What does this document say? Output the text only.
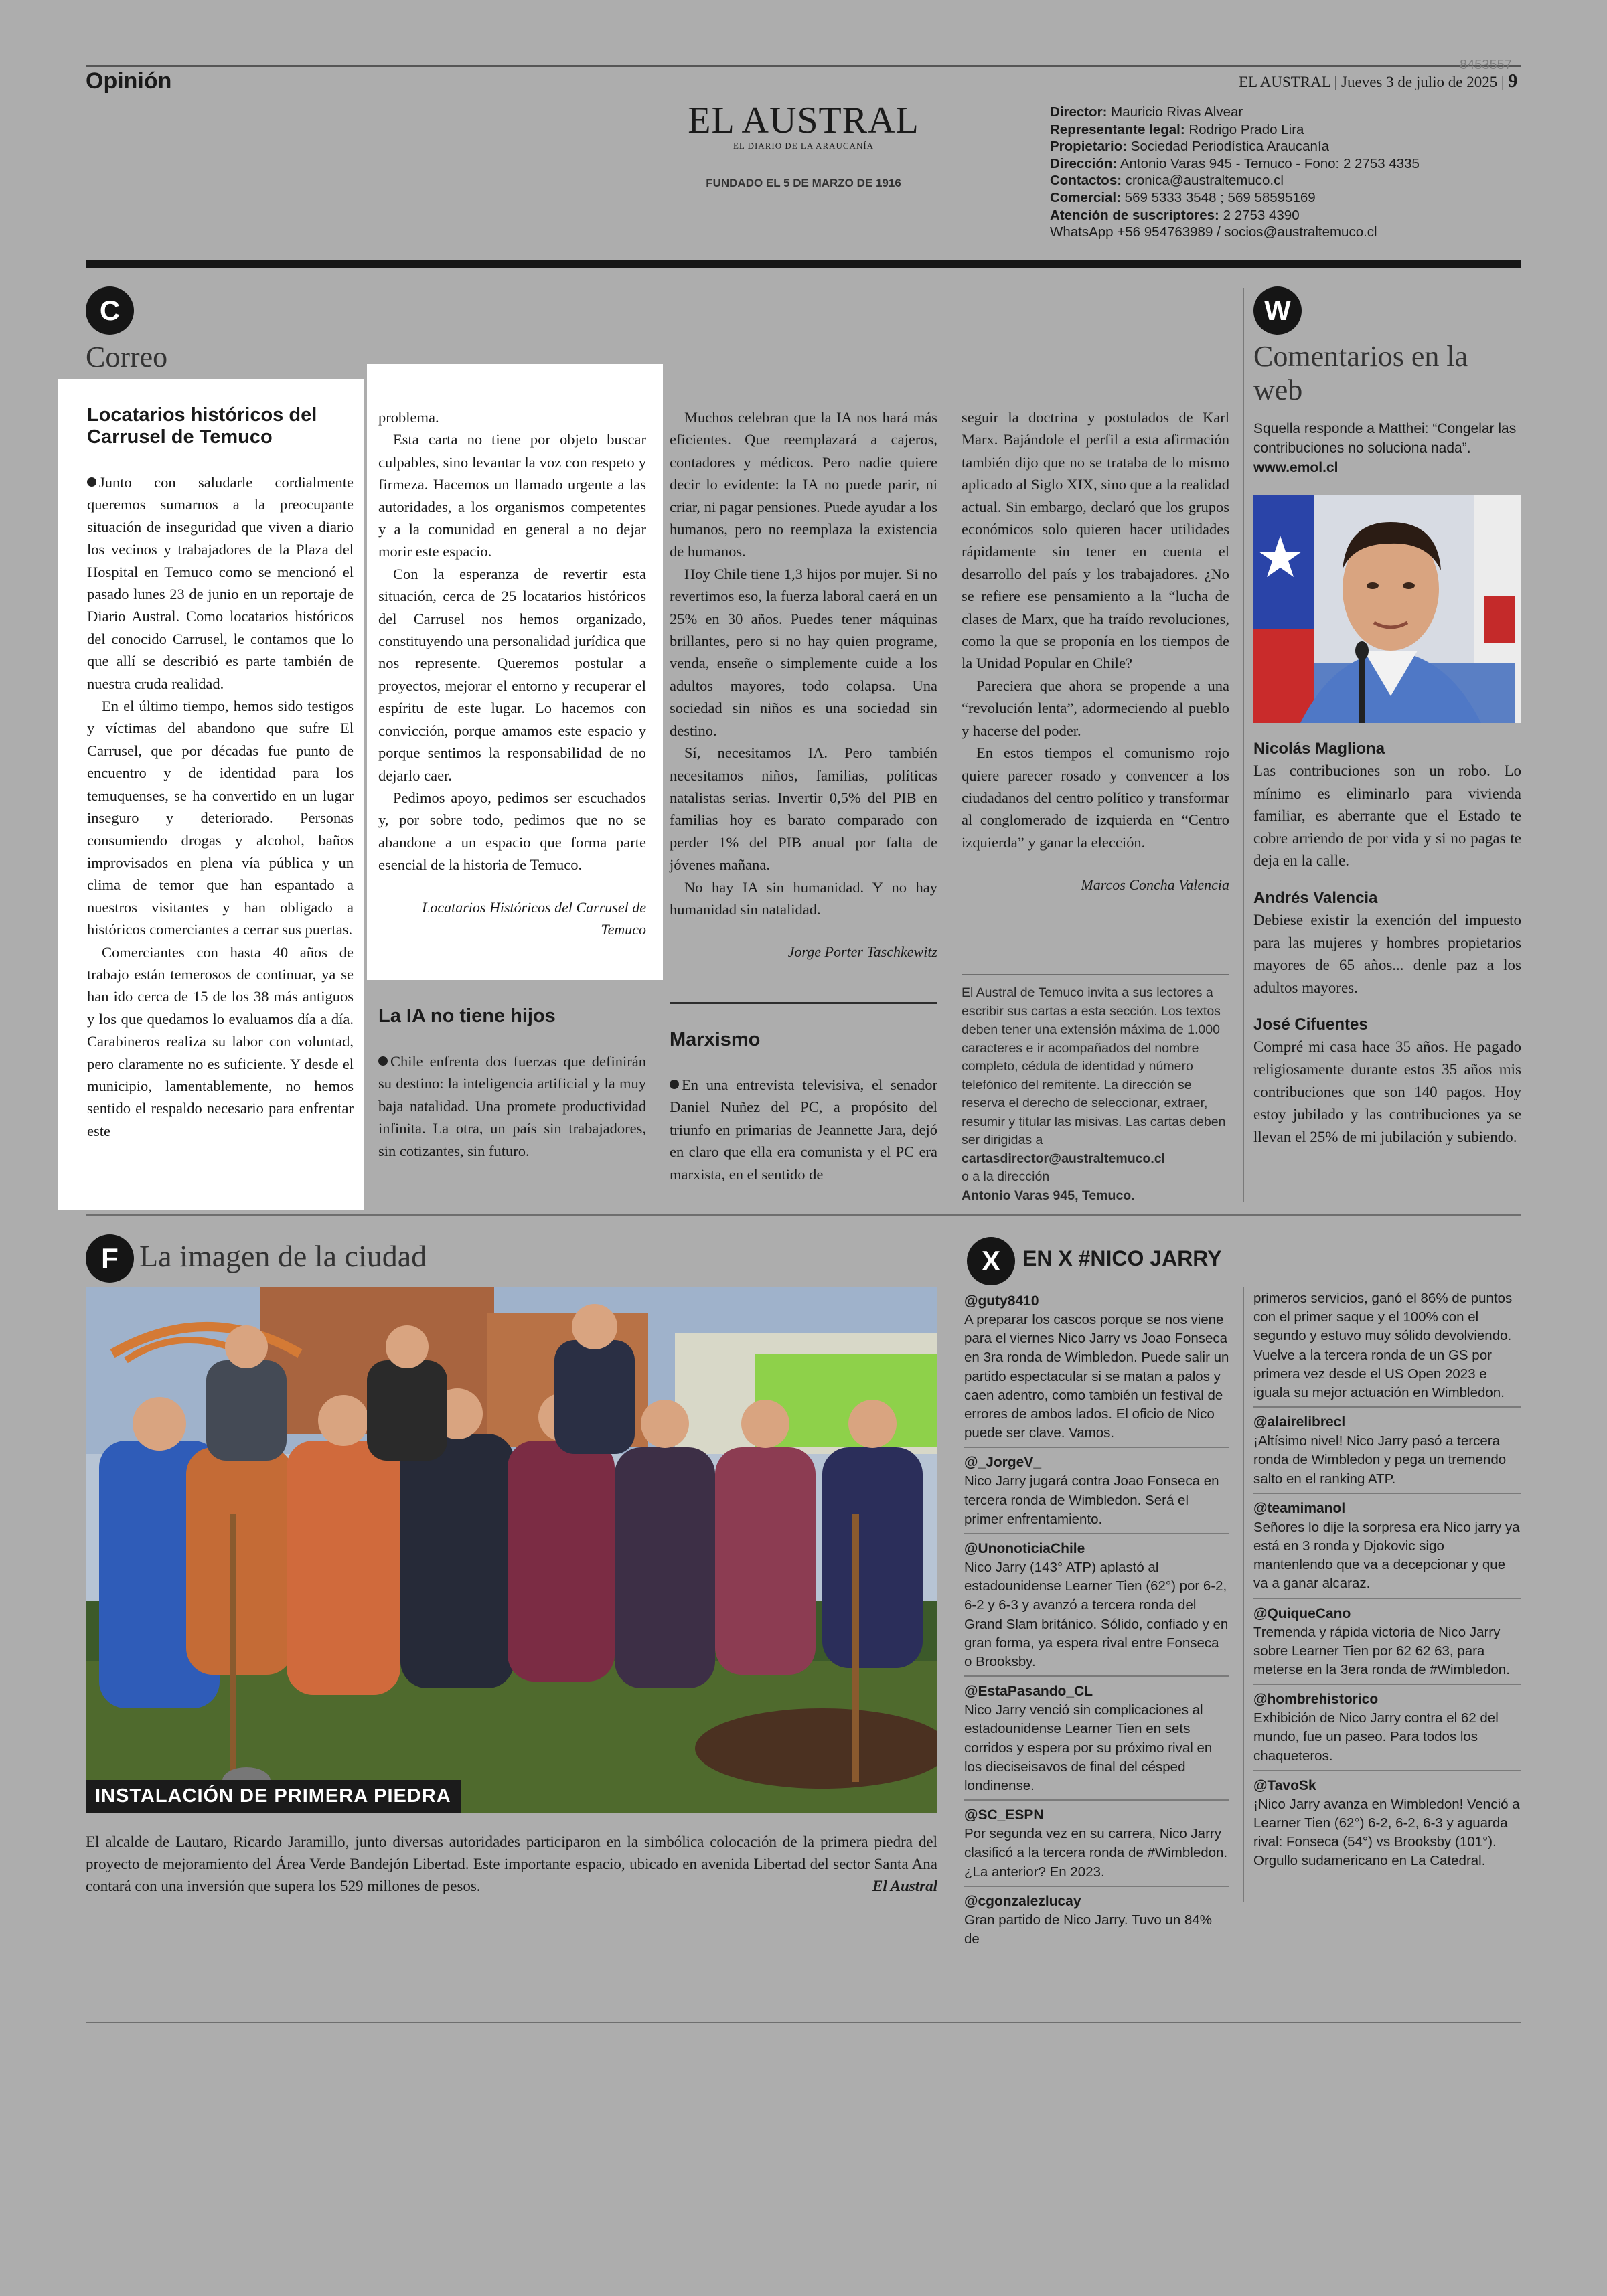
Opinión	EL AUSTRAL | Jueves 3 de julio de 2025 | 9
8453557
EL AUSTRAL
EL DIARIO DE LA ARAUCANÍA
FUNDADO EL 5 DE MARZO DE 1916
Director: Mauricio Rivas Alvear
Representante legal: Rodrigo Prado Lira
Propietario: Sociedad Periodística Araucanía
Dirección: Antonio Varas 945 - Temuco - Fono: 2 2753 4335
Contactos: cronica@australtemuco.cl
Comercial: 569 5333 3548 ; 569 58595169
Atención de suscriptores: 2 2753 4390
WhatsApp +56 954763989 / socios@australtemuco.cl
C
Correo
Locatarios históricos del Carrusel de Temuco

Junto con saludarle cordialmente queremos sumarnos a la preocupante situación de inseguridad que viven a diario los vecinos y trabajadores de la Plaza del Hospital en Temuco como se mencionó el pasado lunes 23 de junio en un reportaje de Diario Austral. Como locatarios históricos del conocido Carrusel, le contamos que lo que allí se describió es parte también de nuestra cruda realidad.

En el último tiempo, hemos sido testigos y víctimas del abandono que sufre El Carrusel, que por décadas fue punto de encuentro y de identidad para los temuquenses, se ha convertido en un lugar inseguro y deteriorado. Personas consumiendo drogas y alcohol, baños improvisados en plena vía pública y un clima de temor que han espantado a nuestros visitantes y han obligado a históricos comerciantes a cerrar sus puertas.

Comerciantes con hasta 40 años de trabajo están temerosos de continuar, ya se han ido cerca de 15 de los 38 más antiguos y los que quedamos lo evaluamos día a día. Carabineros realiza su labor con voluntad, pero claramente no es suficiente. Y desde el municipio, lamentablemente, no hemos sentido el respaldo necesario para enfrentar este

problema.

Esta carta no tiene por objeto buscar culpables, sino levantar la voz con respeto y firmeza. Hacemos un llamado urgente a las autoridades, a los organismos competentes y a la comunidad en general a no dejar morir este espacio.

Con la esperanza de revertir esta situación, cerca de 25 locatarios históricos del Carrusel nos hemos organizado, constituyendo una personalidad jurídica que nos represente. Queremos postular a proyectos, mejorar el entorno y recuperar el espíritu de este lugar. Lo hacemos con convicción, porque amamos este espacio y porque sentimos la responsabilidad de no dejarlo caer.

Pedimos apoyo, pedimos ser escuchados y, por sobre todo, pedimos que no se abandone a un espacio que forma parte esencial de la historia de Temuco.

Locatarios Históricos del Carrusel de Temuco
La IA no tiene hijos

Chile enfrenta dos fuerzas que definirán su destino: la inteligencia artificial y la muy baja natalidad. Una promete productividad infinita. La otra, un país sin trabajadores, sin cotizantes, sin futuro.

Muchos celebran que la IA nos hará más eficientes. Que reemplazará a cajeros, contadores y médicos. Pero nadie quiere decir lo evidente: la IA no puede parir, ni criar, ni pagar pensiones. Puede ayudar a los humanos, pero no reemplaza la existencia de humanos.

Hoy Chile tiene 1,3 hijos por mujer. Si no revertimos eso, la fuerza laboral caerá en un 25% en 30 años. Puedes tener máquinas brillantes, pero si no hay quien programe, venda, enseñe o simplemente cuide a los adultos mayores, todo colapsa. Una sociedad sin niños es una sociedad sin destino.

Sí, necesitamos IA. Pero también necesitamos niños, familias, políticas natalistas serias. Invertir 0,5% del PIB en familias hoy es barato comparado con perder 1% del PIB anual por falta de jóvenes mañana.

No hay IA sin humanidad. Y no hay humanidad sin natalidad.

Jorge Porter Taschkewitz
Marxismo

En una entrevista televisiva, el senador Daniel Nuñez del PC, a propósito del triunfo en primarias de Jeannette Jara, dejó en claro que ella era comunista y el PC era marxista, en el sentido de

seguir la doctrina y postulados de Karl Marx. Bajándole el perfil a esta afirmación también dijo que no se trataba de lo mismo aplicado al Siglo XIX, sino que a la realidad actual. Sin embargo, declaró que los grupos económicos solo quieren hacer utilidades rápidamente sin tener en cuenta el desarrollo del país y los trabajadores. ¿No se refiere ese pensamiento a la “lucha de clases de Marx, que ha traído revoluciones, como la que se proponía en los tiempos de la Unidad Popular en Chile?

Pareciera que ahora se propende a una “revolución lenta”, adormeciendo al pueblo y hacerse del poder.

En estos tiempos el comunismo rojo quiere parecer rosado y convencer a los ciudadanos del centro político y transformar al conglomerado de izquierda en “Centro izquierda” y ganar la elección.

Marcos Concha Valencia
El Austral de Temuco invita a sus lectores a escribir sus cartas a esta sección. Los textos deben tener una extensión máxima de 1.000 caracteres e ir acompañados del nombre completo, cédula de identidad y número telefónico del remitente. La dirección se reserva el derecho de seleccionar, extraer, resumir y titular las misivas. Las cartas deben ser dirigidas a
cartasdirector@australtemuco.cl
o a la dirección
Antonio Varas 945, Temuco.
W
Comentarios en la web
Squella responde a Matthei: “Congelar las contribuciones no soluciona nada”.
www.emol.cl
Nicolás Magliona
Las contribuciones son un robo. Lo mínimo es eliminarlo para vivienda familiar, es aberrante que el Estado te cobre arriendo de por vida y si no pagas te deja en la calle.
Andrés Valencia
Debiese existir la exención del impuesto para las mujeres y hombres propietarios mayores de 65 años... denle paz a los adultos mayores.
José Cifuentes
Compré mi casa hace 35 años. He pagado religiosamente durante estos 35 años mis contribuciones que son 140 pagos. Hoy estoy jubilado y las contribuciones ya se llevan el 25% de mi jubilación y subiendo.
F La imagen de la ciudad
INSTALACIÓN DE PRIMERA PIEDRA
El alcalde de Lautaro, Ricardo Jaramillo, junto diversas autoridades participaron en la simbólica colocación de la primera piedra del proyecto de mejoramiento del Área Verde Bandejón Libertad. Este importante espacio, ubicado en avenida Libertad del sector Santa Ana contará con una inversión que supera los 529 millones de pesos.	El Austral
X	EN X #NICO JARRY
@guty8410
A preparar los cascos porque se nos viene para el viernes Nico Jarry vs Joao Fonseca en 3ra ronda de Wimbledon. Puede salir un partido espectacular si se matan a palos y caen adentro, como también un festival de errores de ambos lados. El oficio de Nico puede ser clave. Vamos.
@_JorgeV_
Nico Jarry jugará contra Joao Fonseca en tercera ronda de Wimbledon. Será el primer enfrentamiento.
@UnonoticiaChile
Nico Jarry (143° ATP) aplastó al estadounidense Learner Tien (62°) por 6-2, 6-2 y 6-3 y avanzó a tercera ronda del Grand Slam británico. Sólido, confiado y en gran forma, ya espera rival entre Fonseca o Brooksby.
@EstaPasando_CL
Nico Jarry venció sin complicaciones al estadounidense Learner Tien en sets corridos y espera por su próximo rival en los dieciseisavos de final del césped londinense.
@SC_ESPN
Por segunda vez en su carrera, Nico Jarry clasificó a la tercera ronda de #Wimbledon. ¿La anterior? En 2023.
@cgonzalezlucay
Gran partido de Nico Jarry. Tuvo un 84% de
primeros servicios, ganó el 86% de puntos con el primer saque y el 100% con el segundo y estuvo muy sólido devolviendo. Vuelve a la tercera ronda de un GS por primera vez desde el US Open 2023 e iguala su mejor actuación en Wimbledon.
@alairelibrecl
¡Altísimo nivel! Nico Jarry pasó a tercera ronda de Wimbledon y pega un tremendo salto en el ranking ATP.
@teamimanol
Señores lo dije la sorpresa era Nico jarry ya está en 3 ronda y Djokovic sigo mantenlendo que va a decepcionar y que va a ganar alcaraz.
@QuiqueCano
Tremenda y rápida victoria de Nico Jarry sobre Learner Tien por 62 62 63, para meterse en la 3era ronda de #Wimbledon.
@hombrehistorico
Exhibición de Nico Jarry contra el 62 del mundo, fue un paseo. Para todos los chaqueteros.
@TavoSk
¡Nico Jarry avanza en Wimbledon! Venció a Learner Tien (62°) 6-2, 6-2, 6-3 y aguarda rival: Fonseca (54°) vs Brooksby (101°). Orgullo sudamericano en La Catedral.
